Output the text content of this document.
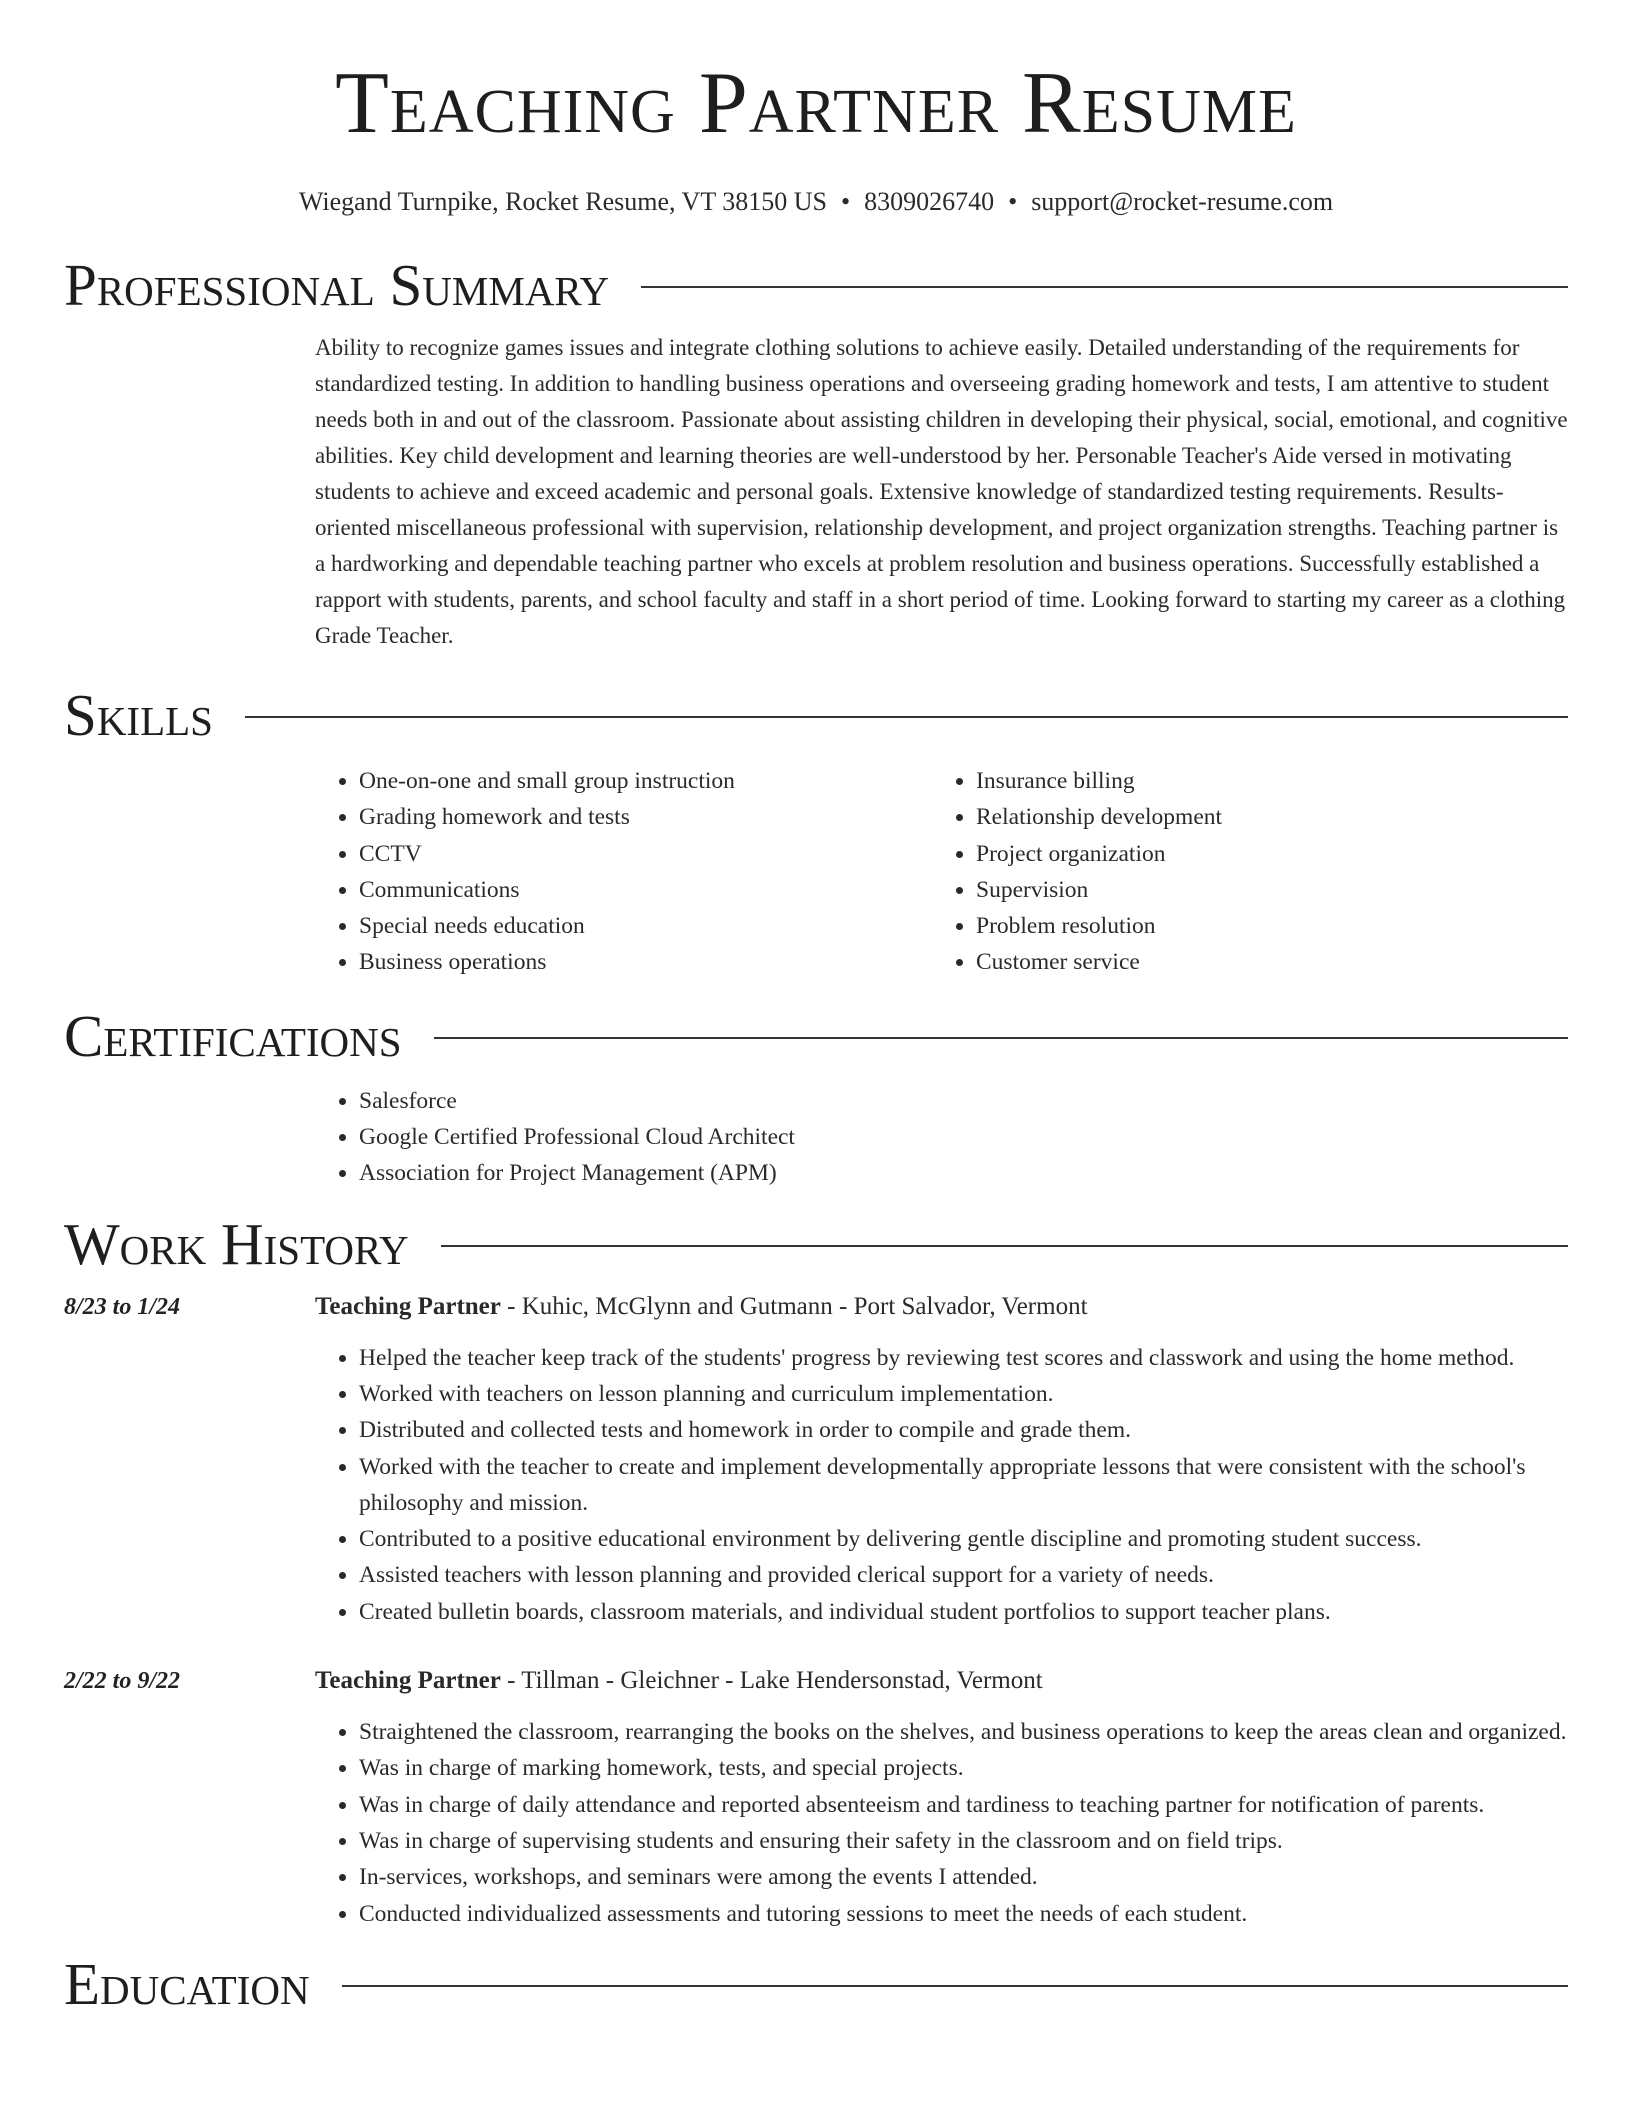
Teaching Partner Resume
Wiegand Turnpike, Rocket Resume, VT 38150 US • 8309026740 • support@rocket-resume.com
Professional Summary

Ability to recognize games issues and integrate clothing solutions to achieve easily. Detailed understanding of the requirements for standardized testing. In addition to handling business operations and overseeing grading homework and tests, I am attentive to student needs both in and out of the classroom. Passionate about assisting children in developing their physical, social, emotional, and cognitive abilities. Key child development and learning theories are well-understood by her. Personable Teacher's Aide versed in motivating students to achieve and exceed academic and personal goals. Extensive knowledge of standardized testing requirements. Results-oriented miscellaneous professional with supervision, relationship development, and project organization strengths. Teaching partner is a hardworking and dependable teaching partner who excels at problem resolution and business operations. Successfully established a rapport with students, parents, and school faculty and staff in a short period of time. Looking forward to starting my career as a clothing Grade Teacher.

Skills
• One-on-one and small group instruction
• Grading homework and tests
• CCTV
• Communications
• Special needs education
• Business operations
• Insurance billing
• Relationship development
• Project organization
• Supervision
• Problem resolution
• Customer service
Certifications
• Salesforce
• Google Certified Professional Cloud Architect
• Association for Project Management (APM)
Work History
8/23 to 1/24	Teaching Partner - Kuhic, McGlynn and Gutmann - Port Salvador, Vermont
• Helped the teacher keep track of the students' progress by reviewing test scores and classwork and using the home method.
• Worked with teachers on lesson planning and curriculum implementation.
• Distributed and collected tests and homework in order to compile and grade them.
• Worked with the teacher to create and implement developmentally appropriate lessons that were consistent with the school's philosophy and mission.
• Contributed to a positive educational environment by delivering gentle discipline and promoting student success.
• Assisted teachers with lesson planning and provided clerical support for a variety of needs.
• Created bulletin boards, classroom materials, and individual student portfolios to support teacher plans.
2/22 to 9/22	Teaching Partner - Tillman - Gleichner - Lake Hendersonstad, Vermont
• Straightened the classroom, rearranging the books on the shelves, and business operations to keep the areas clean and organized.
• Was in charge of marking homework, tests, and special projects.
• Was in charge of daily attendance and reported absenteeism and tardiness to teaching partner for notification of parents.
• Was in charge of supervising students and ensuring their safety in the classroom and on field trips.
• In-services, workshops, and seminars were among the events I attended.
• Conducted individualized assessments and tutoring sessions to meet the needs of each student.
Education
